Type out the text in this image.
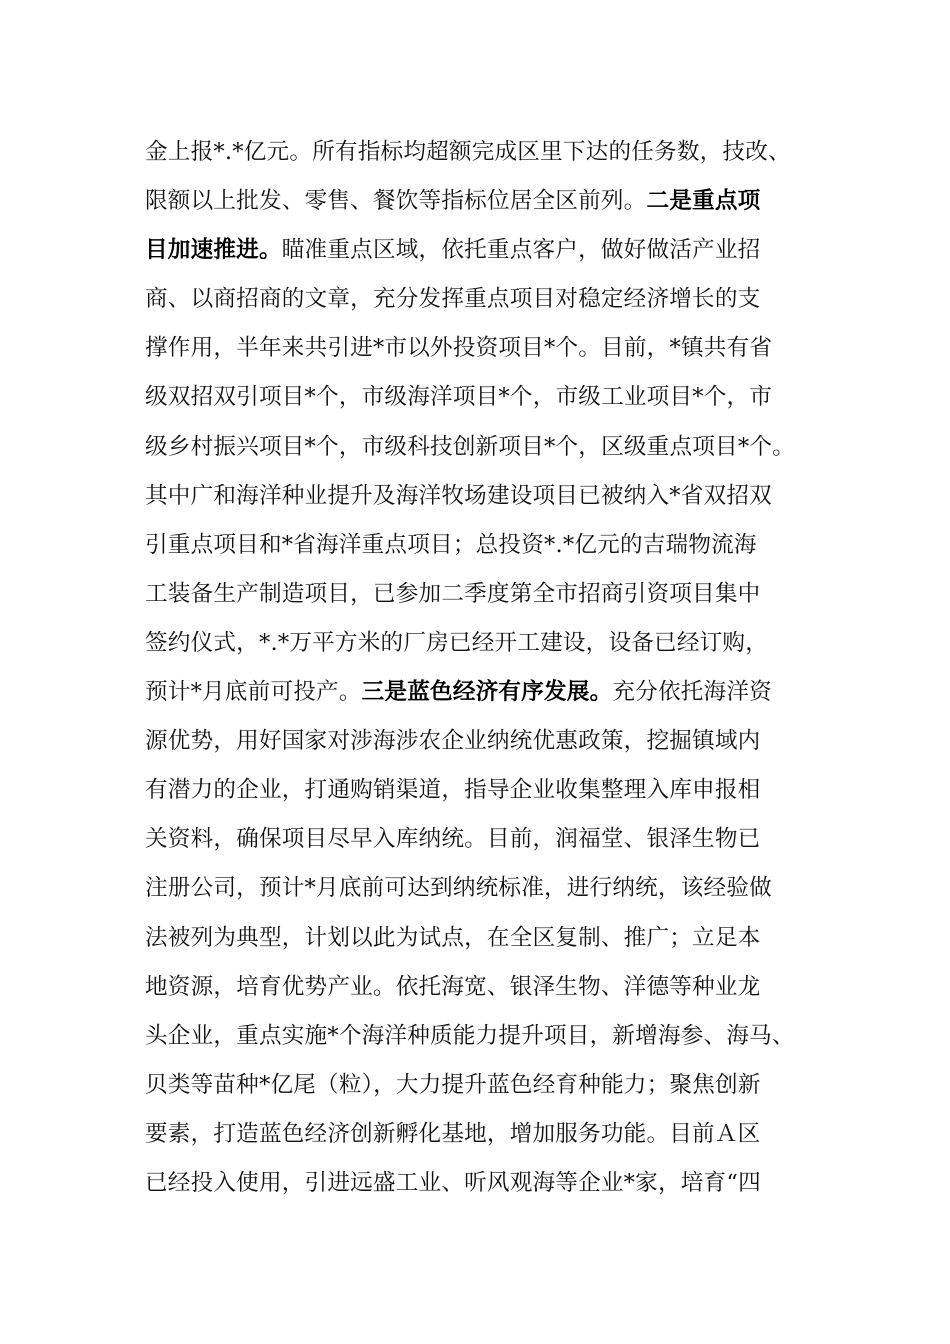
金上报*.*亿元。所有指标均超额完成区里下达的任务数，技改、
限额以上批发、零售、餐饮等指标位居全区前列。二是重点项
目加速推进。瞄准重点区域，依托重点客户，做好做活产业招
商、以商招商的文章，充分发挥重点项目对稳定经济增长的支
撑作用，半年来共引进*市以外投资项目*个。目前，*镇共有省
级双招双引项目*个，市级海洋项目*个，市级工业项目*个，市
级乡村振兴项目*个，市级科技创新项目*个，区级重点项目*个。
其中广和海洋种业提升及海洋牧场建设项目已被纳入*省双招双
引重点项目和*省海洋重点项目；总投资*.*亿元的吉瑞物流海
工装备生产制造项目，已参加二季度第全市招商引资项目集中
签约仪式，*.*万平方米的厂房已经开工建设，设备已经订购，
预计*月底前可投产。三是蓝色经济有序发展。充分依托海洋资
源优势，用好国家对涉海涉农企业纳统优惠政策，挖掘镇域内
有潜力的企业，打通购销渠道，指导企业收集整理入库申报相
关资料，确保项目尽早入库纳统。目前，润福堂、银泽生物已
注册公司，预计*月底前可达到纳统标准，进行纳统，该经验做
法被列为典型，计划以此为试点，在全区复制、推广；立足本
地资源，培育优势产业。依托海宽、银泽生物、洋德等种业龙
头企业，重点实施*个海洋种质能力提升项目，新增海参、海马、
贝类等苗种*亿尾（粒），大力提升蓝色经育种能力；聚焦创新
要素，打造蓝色经济创新孵化基地，增加服务功能。目前Ａ区
已经投入使用，引进远盛工业、听风观海等企业*家，培育“四
